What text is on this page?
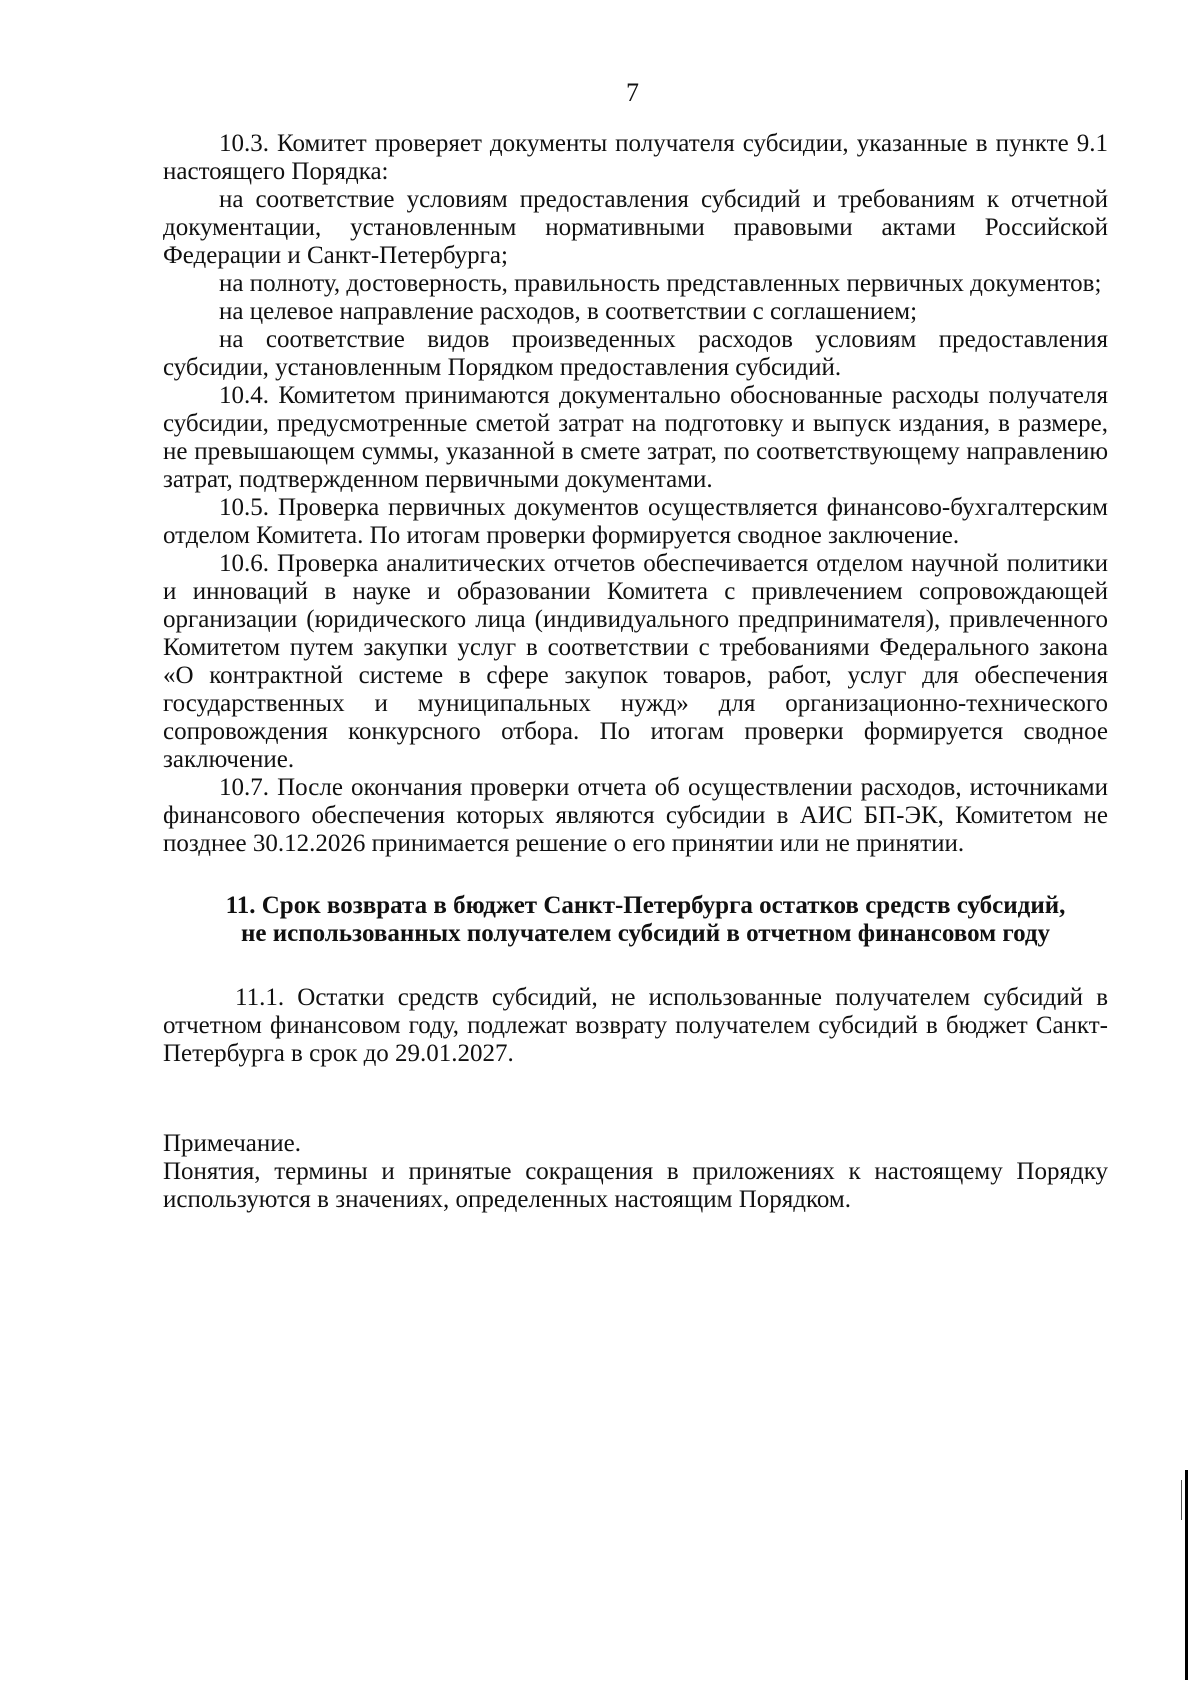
7

10.3. Комитет проверяет документы получателя субсидии, указанные в пункте 9.1 настоящего Порядка:

на соответствие условиям предоставления субсидий и требованиям к отчетной документации, установленным нормативными правовыми актами Российской Федерации и Санкт-Петербурга;

на полноту, достоверность, правильность представленных первичных документов;

на целевое направление расходов, в соответствии с соглашением;

на соответствие видов произведенных расходов условиям предоставления субсидии, установленным Порядком предоставления субсидий.

10.4. Комитетом принимаются документально обоснованные расходы получателя субсидии, предусмотренные сметой затрат на подготовку и выпуск издания, в размере, не превышающем суммы, указанной в смете затрат, по соответствующему направлению затрат, подтвержденном первичными документами.

10.5. Проверка первичных документов осуществляется финансово-бухгалтерским отделом Комитета. По итогам проверки формируется сводное заключение.

10.6. Проверка аналитических отчетов обеспечивается отделом научной политики и инноваций в науке и образовании Комитета с привлечением сопровождающей организации (юридического лица (индивидуального предпринимателя), привлеченного Комитетом путем закупки услуг в соответствии с требованиями Федерального закона «О контрактной системе в сфере закупок товаров, работ, услуг для обеспечения государственных и муниципальных нужд» для организационно-технического сопровождения конкурсного отбора. По итогам проверки формируется сводное заключение.

10.7. После окончания проверки отчета об осуществлении расходов, источниками финансового обеспечения которых являются субсидии в АИС БП-ЭК, Комитетом не позднее 30.12.2026 принимается решение о его принятии или не принятии.

11. Срок возврата в бюджет Санкт-Петербурга остатков средств субсидий,
не использованных получателем субсидий в отчетном финансовом году

11.1. Остатки средств субсидий, не использованные получателем субсидий в отчетном финансовом году, подлежат возврату получателем субсидий в бюджет Санкт-Петербурга в срок до 29.01.2027.

Примечание.

Понятия, термины и принятые сокращения в приложениях к настоящему Порядку используются в значениях, определенных настоящим Порядком.
